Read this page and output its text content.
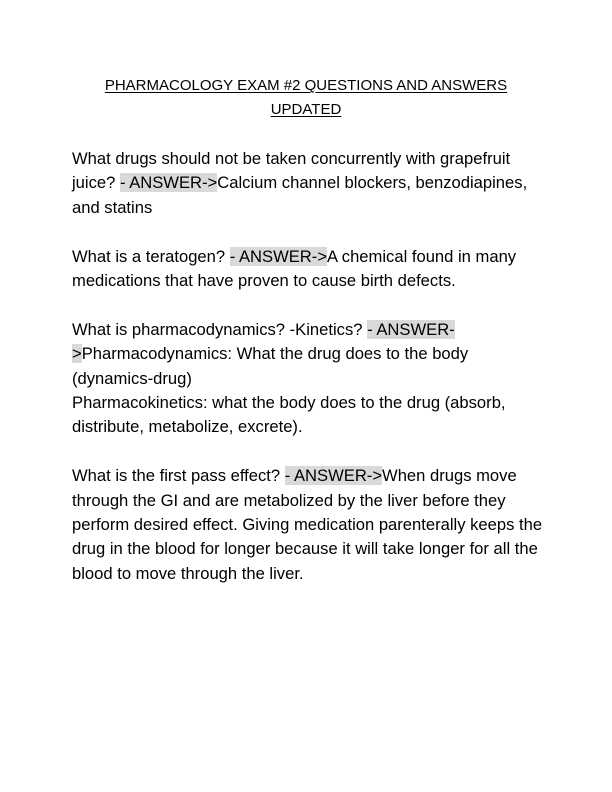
PHARMACOLOGY EXAM #2 QUESTIONS AND ANSWERS
UPDATED

What drugs should not be taken concurrently with grapefruit juice? - ANSWER->Calcium channel blockers, benzodiapines, and statins

What is a teratogen? - ANSWER->A chemical found in many medications that have proven to cause birth defects.

What is pharmacodynamics? -Kinetics? - ANSWER->Pharmacodynamics: What the drug does to the body (dynamics-drug)
Pharmacokinetics: what the body does to the drug (absorb, distribute, metabolize, excrete).

What is the first pass effect? - ANSWER->When drugs move through the GI and are metabolized by the liver before they perform desired effect. Giving medication parenterally keeps the drug in the blood for longer because it will take longer for all the blood to move through the liver.
